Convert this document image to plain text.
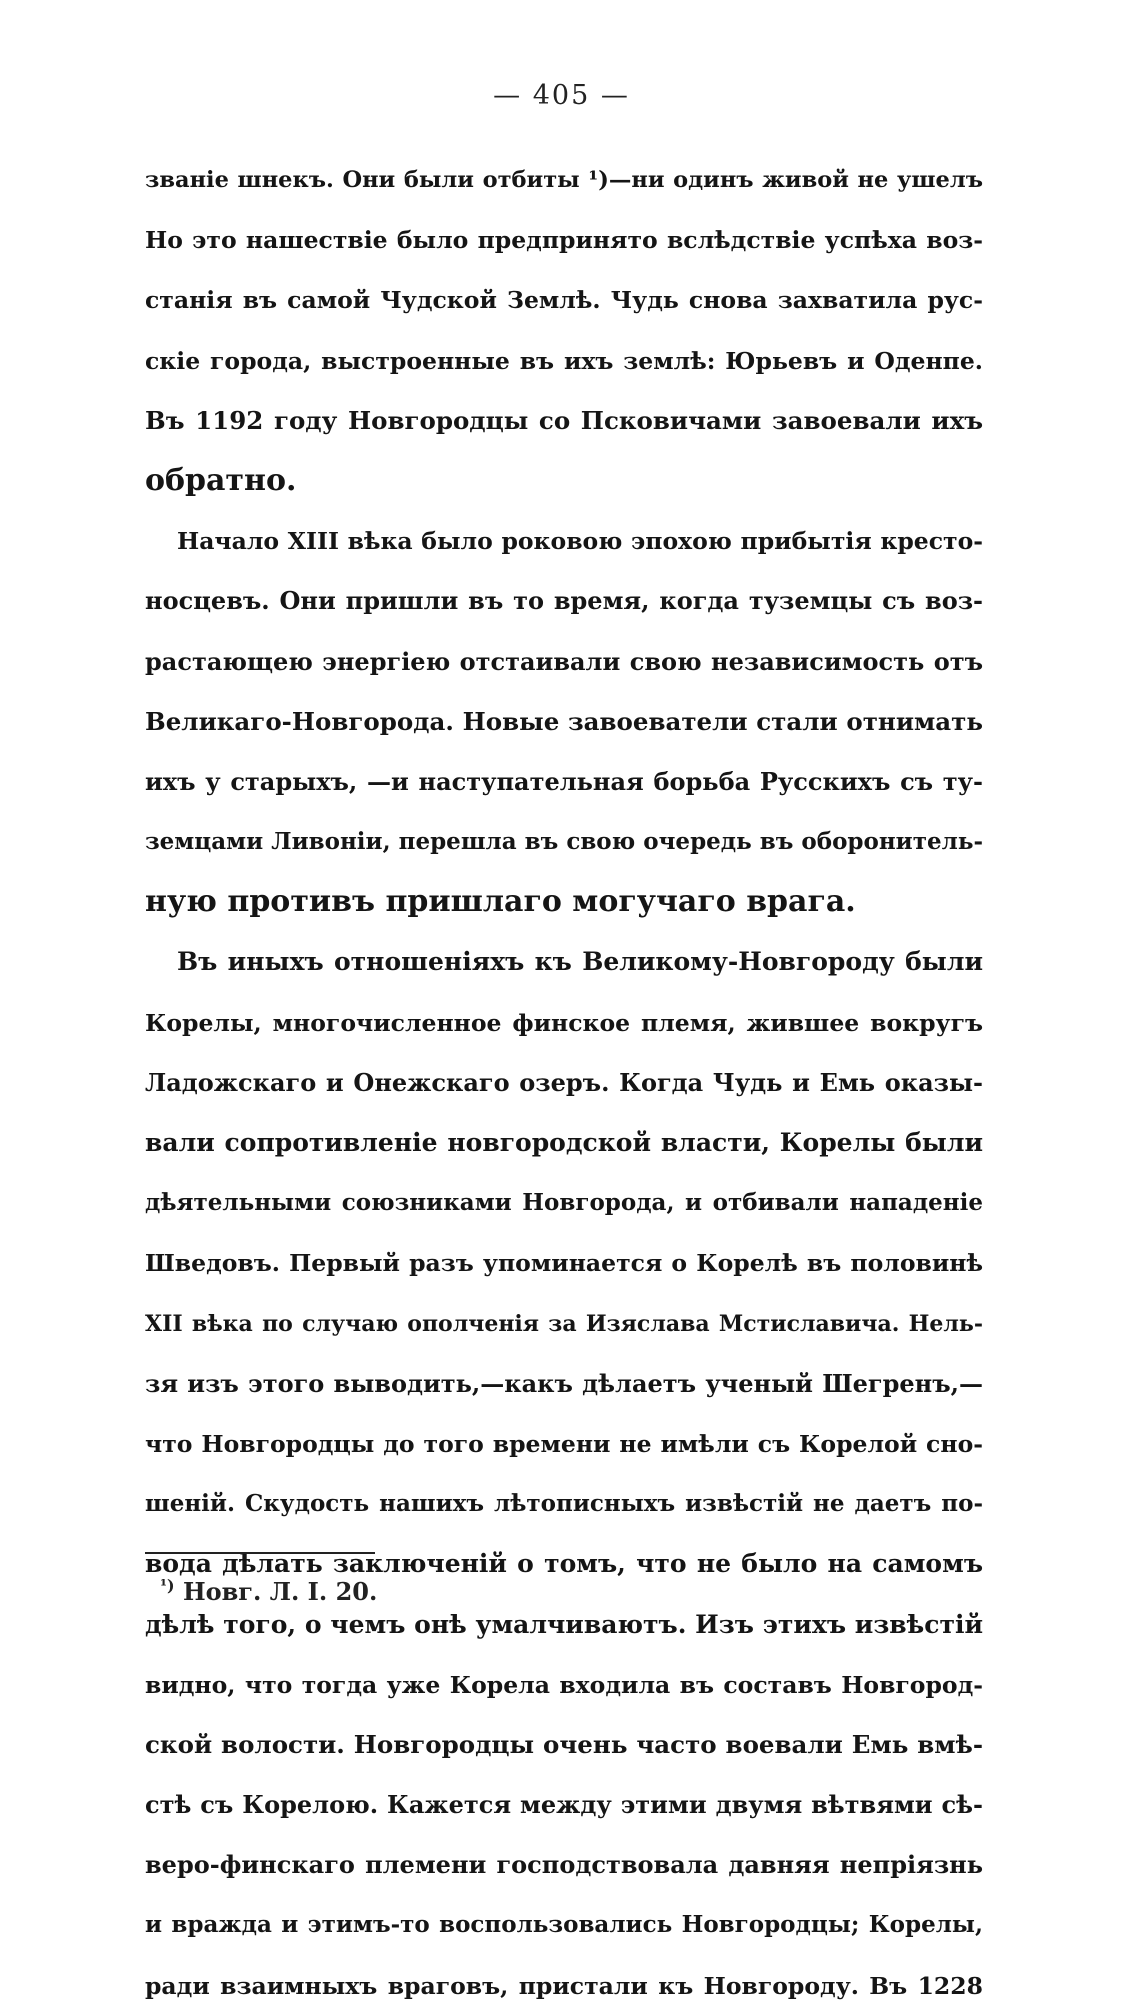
— 405 —
званіе шнекъ. Они были отбиты ¹)—ни одинъ живой не ушелъ
Но это нашествіе было предпринято вслѣдствіе успѣха воз-
станія въ самой Чудской Землѣ. Чудь снова захватила рус-
скіе города, выстроенные въ ихъ землѣ: Юрьевъ и Оденпе.
Въ 1192 году Новгородцы со Псковичами завоевали ихъ
обратно.
Начало XIII вѣка было роковою эпохою прибытія кресто-
носцевъ. Они пришли въ то время, когда туземцы съ воз-
растающею энергіею отстаивали свою независимость отъ
Великаго-Новгорода. Новые завоеватели стали отнимать
ихъ у старыхъ, —и наступательная борьба Русскихъ съ ту-
земцами Ливоніи, перешла въ свою очередь въ оборонитель-
ную противъ пришлаго могучаго врага.
Въ иныхъ отношеніяхъ къ Великому-Новгороду были
Корелы, многочисленное финское племя, жившее вокругъ
Ладожскаго и Онежскаго озеръ. Когда Чудь и Емь оказы-
вали сопротивленіе новгородской власти, Корелы были
дѣятельными союзниками Новгорода, и отбивали нападеніе
Шведовъ. Первый разъ упоминается о Корелѣ въ половинѣ
XII вѣка по случаю ополченія за Изяслава Мстиславича. Нель-
зя изъ этого выводить,—какъ дѣлаетъ ученый Шегренъ,—
что Новгородцы до того времени не имѣли съ Корелой сно-
шеній. Скудость нашихъ лѣтописныхъ извѣстій не даетъ по-
вода дѣлать заключеній о томъ, что не было на самомъ
дѣлѣ того, о чемъ онѣ умалчиваютъ. Изъ этихъ извѣстій
видно, что тогда уже Корела входила въ составъ Новгород-
ской волости. Новгородцы очень часто воевали Емь вмѣ-
стѣ съ Корелою. Кажется между этими двумя вѣтвями сѣ-
веро-финскаго племени господствовала давняя непріязнь
и вражда и этимъ-то воспользовались Новгородцы; Корелы,
ради взаимныхъ враговъ, пристали къ Новгороду. Въ 1228
$^{^1)}$ Новг. Л. I. 20.
